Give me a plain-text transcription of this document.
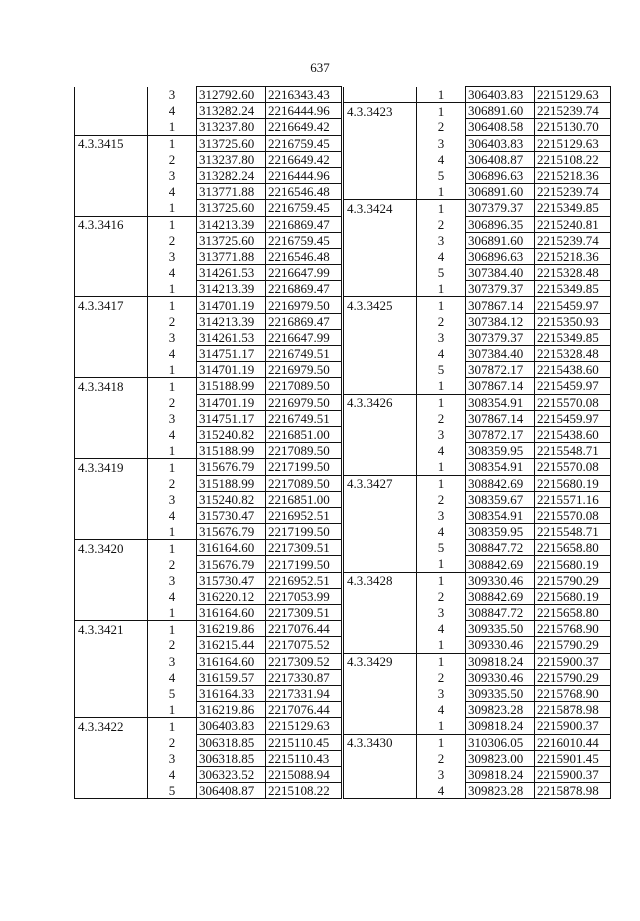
637
	3	312792.60	2216343.43
	4	313282.24	2216444.96
	1	313237.80	2216649.42
4.3.3415	1	313725.60	2216759.45
	2	313237.80	2216649.42
	3	313282.24	2216444.96
	4	313771.88	2216546.48
	1	313725.60	2216759.45
4.3.3416	1	314213.39	2216869.47
	2	313725.60	2216759.45
	3	313771.88	2216546.48
	4	314261.53	2216647.99
	1	314213.39	2216869.47
4.3.3417	1	314701.19	2216979.50
	2	314213.39	2216869.47
	3	314261.53	2216647.99
	4	314751.17	2216749.51
	1	314701.19	2216979.50
4.3.3418	1	315188.99	2217089.50
	2	314701.19	2216979.50
	3	314751.17	2216749.51
	4	315240.82	2216851.00
	1	315188.99	2217089.50
4.3.3419	1	315676.79	2217199.50
	2	315188.99	2217089.50
	3	315240.82	2216851.00
	4	315730.47	2216952.51
	1	315676.79	2217199.50
4.3.3420	1	316164.60	2217309.51
	2	315676.79	2217199.50
	3	315730.47	2216952.51
	4	316220.12	2217053.99
	1	316164.60	2217309.51
4.3.3421	1	316219.86	2217076.44
	2	316215.44	2217075.52
	3	316164.60	2217309.52
	4	316159.57	2217330.87
	5	316164.33	2217331.94
	1	316219.86	2217076.44
4.3.3422	1	306403.83	2215129.63
	2	306318.85	2215110.45
	3	306318.85	2215110.43
	4	306323.52	2215088.94
	5	306408.87	2215108.22
	1	306403.83	2215129.63
4.3.3423	1	306891.60	2215239.74
	2	306408.58	2215130.70
	3	306403.83	2215129.63
	4	306408.87	2215108.22
	5	306896.63	2215218.36
	1	306891.60	2215239.74
4.3.3424	1	307379.37	2215349.85
	2	306896.35	2215240.81
	3	306891.60	2215239.74
	4	306896.63	2215218.36
	5	307384.40	2215328.48
	1	307379.37	2215349.85
4.3.3425	1	307867.14	2215459.97
	2	307384.12	2215350.93
	3	307379.37	2215349.85
	4	307384.40	2215328.48
	5	307872.17	2215438.60
	1	307867.14	2215459.97
4.3.3426	1	308354.91	2215570.08
	2	307867.14	2215459.97
	3	307872.17	2215438.60
	4	308359.95	2215548.71
	1	308354.91	2215570.08
4.3.3427	1	308842.69	2215680.19
	2	308359.67	2215571.16
	3	308354.91	2215570.08
	4	308359.95	2215548.71
	5	308847.72	2215658.80
	1	308842.69	2215680.19
4.3.3428	1	309330.46	2215790.29
	2	308842.69	2215680.19
	3	308847.72	2215658.80
	4	309335.50	2215768.90
	1	309330.46	2215790.29
4.3.3429	1	309818.24	2215900.37
	2	309330.46	2215790.29
	3	309335.50	2215768.90
	4	309823.28	2215878.98
	1	309818.24	2215900.37
4.3.3430	1	310306.05	2216010.44
	2	309823.00	2215901.45
	3	309818.24	2215900.37
	4	309823.28	2215878.98
